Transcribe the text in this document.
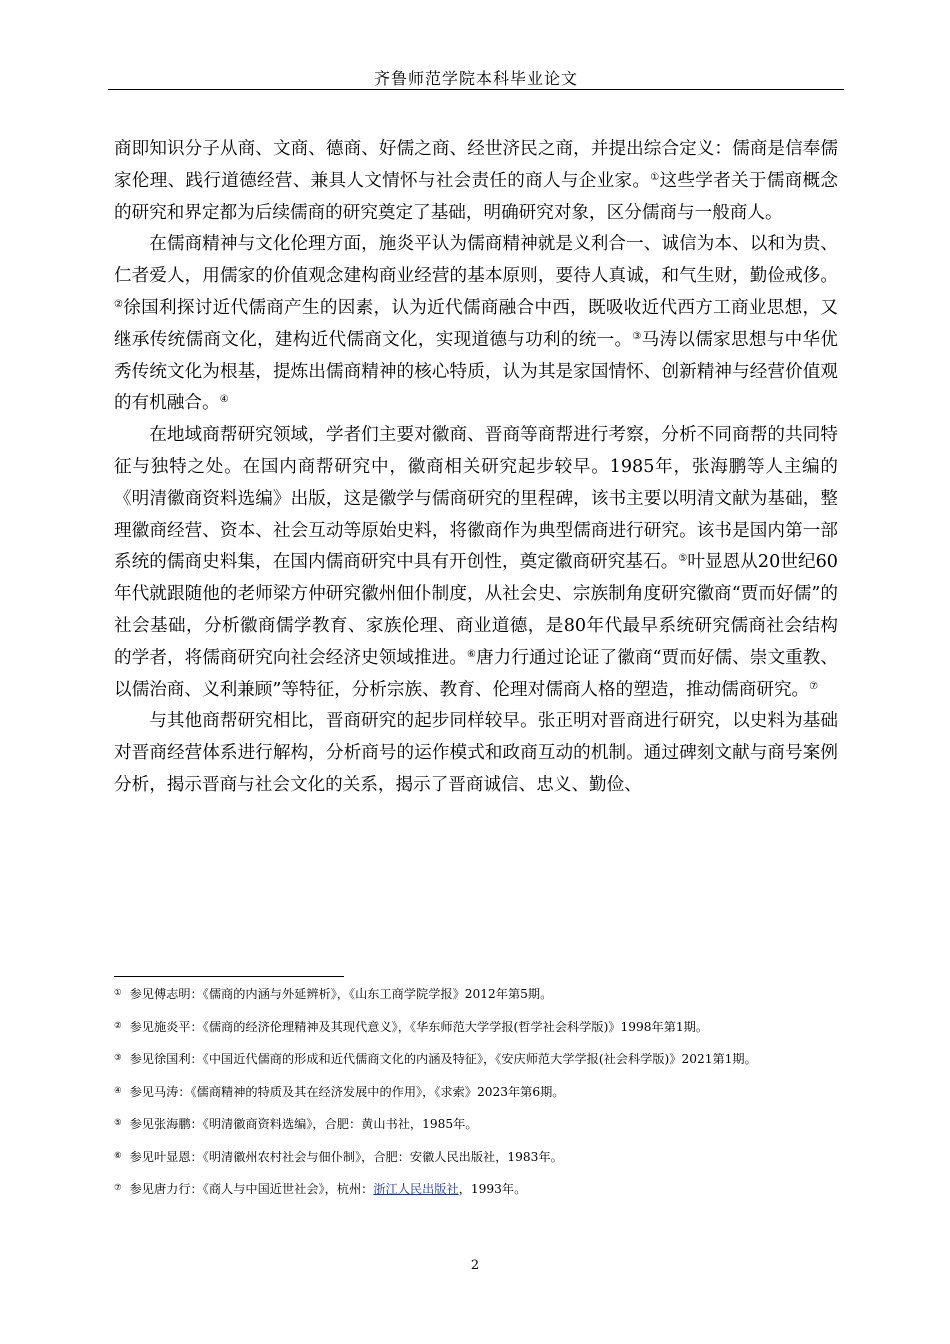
齐鲁师范学院本科毕业论文

商即知识分子从商、文商、德商、好儒之商、经世济民之商，并提出综合定义：儒商是信奉儒家伦理、践行道德经营、兼具人文情怀与社会责任的商人与企业家。①这些学者关于儒商概念的研究和界定都为后续儒商的研究奠定了基础，明确研究对象，区分儒商与一般商人。

在儒商精神与文化伦理方面，施炎平认为儒商精神就是义利合一、诚信为本、以和为贵、仁者爱人，用儒家的价值观念建构商业经营的基本原则，要待人真诚，和气生财，勤俭戒侈。②徐国利探讨近代儒商产生的因素，认为近代儒商融合中西，既吸收近代西方工商业思想，又继承传统儒商文化，建构近代儒商文化，实现道德与功利的统一。③马涛以儒家思想与中华优秀传统文化为根基，提炼出儒商精神的核心特质，认为其是家国情怀、创新精神与经营价值观的有机融合。④

在地域商帮研究领域，学者们主要对徽商、晋商等商帮进行考察，分析不同商帮的共同特征与独特之处。在国内商帮研究中，徽商相关研究起步较早。1985年，张海鹏等人主编的《明清徽商资料选编》出版，这是徽学与儒商研究的里程碑，该书主要以明清文献为基础，整理徽商经营、资本、社会互动等原始史料，将徽商作为典型儒商进行研究。该书是国内第一部系统的儒商史料集，在国内儒商研究中具有开创性，奠定徽商研究基石。⑤叶显恩从20世纪60年代就跟随他的老师梁方仲研究徽州佃仆制度，从社会史、宗族制角度研究徽商“贾而好儒”的社会基础，分析徽商儒学教育、家族伦理、商业道德，是80年代最早系统研究儒商社会结构的学者，将儒商研究向社会经济史领域推进。⑥唐力行通过论证了徽商“贾而好儒、崇文重教、以儒治商、义利兼顾”等特征，分析宗族、教育、伦理对儒商人格的塑造，推动儒商研究。⑦

与其他商帮研究相比，晋商研究的起步同样较早。张正明对晋商进行研究，以史料为基础对晋商经营体系进行解构，分析商号的运作模式和政商互动的机制。通过碑刻文献与商号案例分析，揭示晋商与社会文化的关系，揭示了晋商诚信、忠义、勤俭、

① 参见傅志明：《儒商的内涵与外延辨析》，《山东工商学院学报》2012年第5期。
② 参见施炎平：《儒商的经济伦理精神及其现代意义》，《华东师范大学学报(哲学社会科学版)》1998年第1期。
③ 参见徐国利：《中国近代儒商的形成和近代儒商文化的内涵及特征》，《安庆师范大学学报(社会科学版)》2021第1期。
④ 参见马涛：《儒商精神的特质及其在经济发展中的作用》，《求索》2023年第6期。
⑤ 参见张海鹏：《明清徽商资料选编》，合肥：黄山书社，1985年。
⑥ 参见叶显恩：《明清徽州农村社会与佃仆制》，合肥：安徽人民出版社，1983年。
⑦ 参见唐力行：《商人与中国近世社会》，杭州：浙江人民出版社，1993年。
2
